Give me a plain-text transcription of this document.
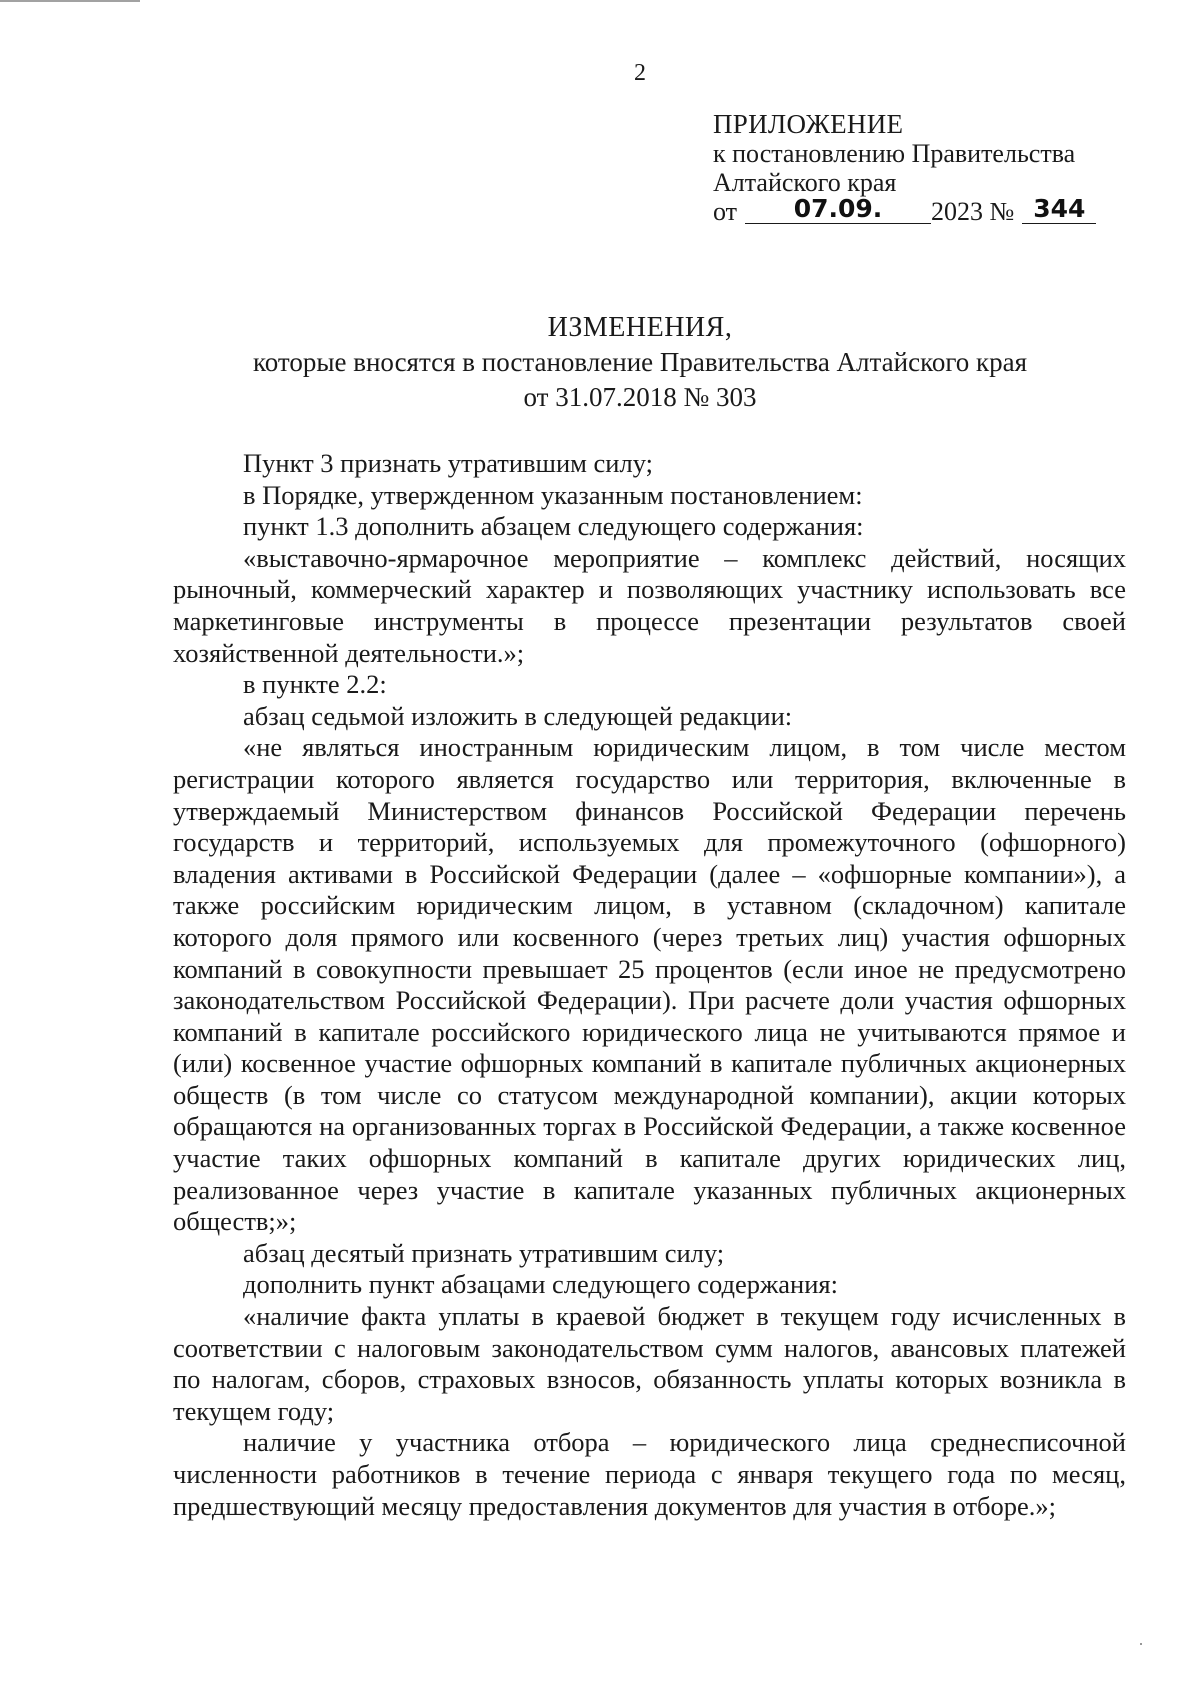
2
ПРИЛОЖЕНИЕ
к постановлению Правительства
Алтайского края
от 07.09. 2023 № 344
ИЗМЕНЕНИЯ,
которые вносятся в постановление Правительства Алтайского края
от 31.07.2018 № 303

Пункт 3 признать утратившим силу;

в Порядке, утвержденном указанным постановлением:

пункт 1.3 дополнить абзацем следующего содержания:

«выставочно-ярмарочное мероприятие – комплекс действий, носящих рыночный, коммерческий характер и позволяющих участнику использовать все маркетинговые инструменты в процессе презентации результатов своей хозяйственной деятельности.»;

в пункте 2.2:

абзац седьмой изложить в следующей редакции:

«не являться иностранным юридическим лицом, в том числе местом регистрации которого является государство или территория, включенные в утверждаемый Министерством финансов Российской Федерации перечень государств и территорий, используемых для промежуточного (офшорного) владения активами в Российской Федерации (далее – «офшорные компании»), а также российским юридическим лицом, в уставном (складочном) капитале которого доля прямого или косвенного (через третьих лиц) участия офшорных компаний в совокупности превышает 25 процентов (если иное не предусмотрено законодательством Российской Федерации). При расчете доли участия офшорных компаний в капитале российского юридического лица не учитываются прямое и (или) косвенное участие офшорных компаний в капитале публичных акционерных обществ (в том числе со статусом международной компании), акции которых обращаются на организованных торгах в Российской Федерации, а также косвенное участие таких офшорных компаний в капитале других юридических лиц, реализованное через участие в капитале указанных публичных акционерных обществ;»;

абзац десятый признать утратившим силу;

дополнить пункт абзацами следующего содержания:

«наличие факта уплаты в краевой бюджет в текущем году исчисленных в соответствии с налоговым законодательством сумм налогов, авансовых платежей по налогам, сборов, страховых взносов, обязанность уплаты которых возникла в текущем году;

наличие у участника отбора – юридического лица среднесписочной численности работников в течение периода с января текущего года по месяц, предшествующий месяцу предоставления документов для участия в отборе.»;
